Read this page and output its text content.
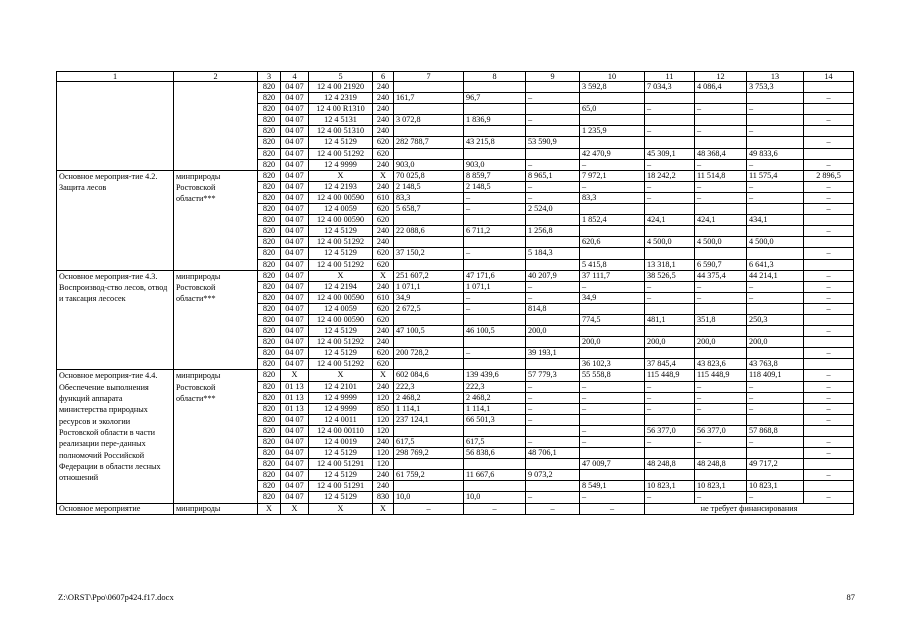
1	2	3	4	5	6	7	8	9	10	11	12	13	14
		820	04 07	12 4 00 21920	240				3 592,8	7 034,3	4 086,4	3 753,3	
		820	04 07	12 4 2319	240	161,7	96,7	–					–
		820	04 07	12 4 00 R1310	240				65,0	–	–	–	
		820	04 07	12 4 5131	240	3 072,8	1 836,9	–					–
		820	04 07	12 4 00 51310	240				1 235,9	–	–	–	
		820	04 07	12 4 5129	620	282 788,7	43 215,8	53 590,9					–
		820	04 07	12 4 00 51292	620				42 470,9	45 309,1	48 368,4	49 833,6	
		820	04 07	12 4 9999	240	903,0	903,0	–	–	–	–	–	–
Основное мероприя-тие 4.2. Защита лесов	минприроды Ростовской области***	820	04 07	X	X	70 025,8	8 859,7	8 965,1	7 972,1	18 242,2	11 514,8	11 575,4	2 896,5
		820	04 07	12 4 2193	240	2 148,5	2 148,5	–	–	–	–	–	–
		820	04 07	12 4 00 00590	610	83,3	–	–	83,3	–	–	–	–
		820	04 07	12 4 0059	620	5 658,7	–	2 524,0					–
		820	04 07	12 4 00 00590	620				1 852,4	424,1	424,1	434,1	
		820	04 07	12 4 5129	240	22 088,6	6 711,2	1 256,8					–
		820	04 07	12 4 00 51292	240				620,6	4 500,0	4 500,0	4 500,0	
		820	04 07	12 4 5129	620	37 150,2	–	5 184,3					–
		820	04 07	12 4 00 51292	620				5 415,8	13 318,1	6 590,7	6 641,3	
Основное мероприя-тие 4.3. Воспроизвод-ство лесов, отвод и таксация лесосек	минприроды Ростовской области***	820	04 07	X	X	251 607,2	47 171,6	40 207,9	37 111,7	38 526,5	44 375,4	44 214,1	–
		820	04 07	12 4 2194	240	1 071,1	1 071,1	–	–	–	–	–	–
		820	04 07	12 4 00 00590	610	34,9	–	–	34,9	–	–	–	–
		820	04 07	12 4 0059	620	2 672,5	–	814,8					–
		820	04 07	12 4 00 00590	620				774,5	481,1	351,8	250,3	
		820	04 07	12 4 5129	240	47 100,5	46 100,5	200,0					–
		820	04 07	12 4 00 51292	240				200,0	200,0	200,0	200,0	
		820	04 07	12 4 5129	620	200 728,2	–	39 193,1					–
		820	04 07	12 4 00 51292	620				36 102,3	37 845,4	43 823,6	43 763,8	
Основное мероприя-тие 4.4. Обеспечение выполнения функций аппарата министерства природных ресурсов и экологии Ростовской области в части реализации пере-данных полномочий Российской Федерации в области лесных отношений	минприроды Ростовской области***	820	X	X	X	602 084,6	139 439,6	57 779,3	55 558,8	115 448,9	115 448,9	118 409,1	–
		820	01 13	12 4 2101	240	222,3	222,3	–	–	–	–	–	–
		820	01 13	12 4 9999	120	2 468,2	2 468,2	–	–	–	–	–	–
		820	01 13	12 4 9999	850	1 114,1	1 114,1	–	–	–	–	–	–
		820	04 07	12 4 0011	120	237 124,1	66 501,3	–					–
		820	04 07	12 4 00 00110	120				–	56 377,0	56 377,0	57 868,8	
		820	04 07	12 4 0019	240	617,5	617,5	–	–	–	–	–	–
		820	04 07	12 4 5129	120	298 769,2	56 838,6	48 706,1					–
		820	04 07	12 4 00 51291	120				47 009,7	48 248,8	48 248,8	49 717,2	
		820	04 07	12 4 5129	240	61 759,2	11 667,6	9 073,2					–
		820	04 07	12 4 00 51291	240				8 549,1	10 823,1	10 823,1	10 823,1	
		820	04 07	12 4 5129	830	10,0	10,0	–	–	–	–	–	–
Основное мероприятие	минприроды	X	X	X	X	–	–	–	–	не требует финансирования			
Z:\ORST\Ppo\0607p424.f17.docx	87
